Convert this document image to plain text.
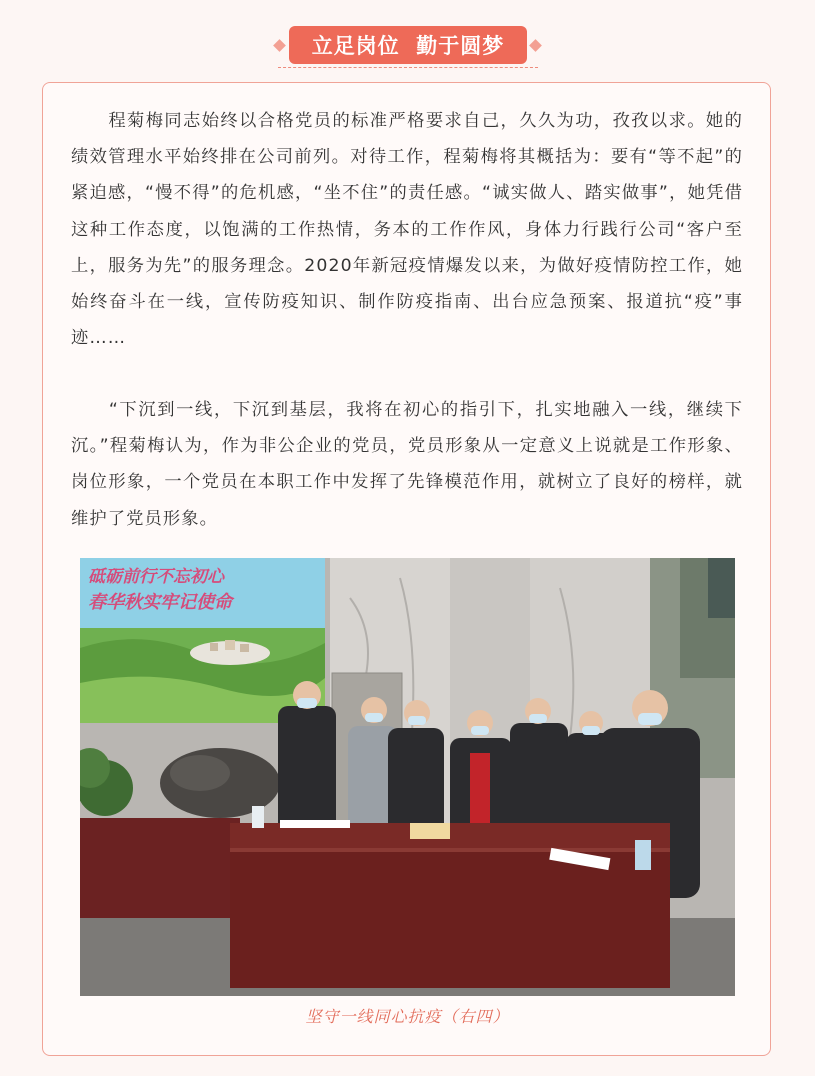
立足岗位  勤于圆梦

　　程菊梅同志始终以合格党员的标准严格要求自己，久久为功，孜孜以求。她的绩效管理水平始终排在公司前列。对待工作，程菊梅将其概括为：要有“等不起”的紧迫感，“慢不得”的危机感，“坐不住”的责任感。“诚实做人、踏实做事”，她凭借这种工作态度，以饱满的工作热情，务本的工作作风，身体力行践行公司“客户至上，服务为先”的服务理念。2020年新冠疫情爆发以来，为做好疫情防控工作，她始终奋斗在一线，宣传防疫知识、制作防疫指南、出台应急预案、报道抗“疫”事迹……

　　“下沉到一线，下沉到基层，我将在初心的指引下，扎实地融入一线，继续下沉。”程菊梅认为，作为非公企业的党员，党员形象从一定意义上说就是工作形象、岗位形象，一个党员在本职工作中发挥了先锋模范作用，就树立了良好的榜样，就维护了党员形象。

砥砺前行不忘初心
春华秋实牢记使命
坚守一线同心抗疫（右四）
